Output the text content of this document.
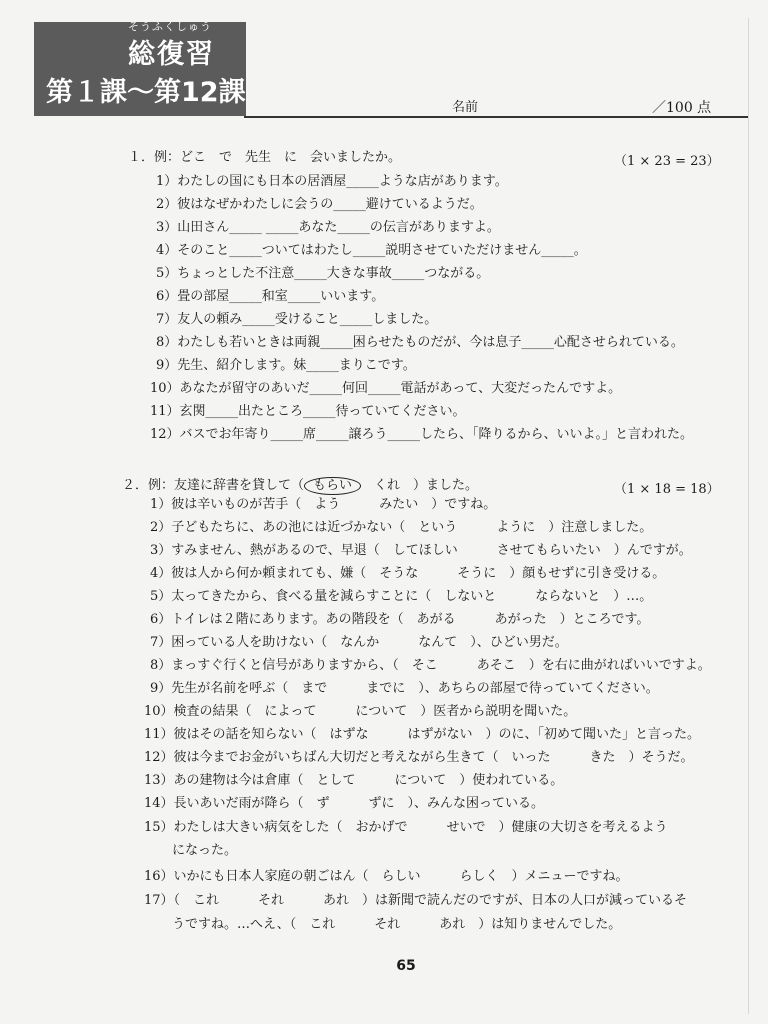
そうふくしゅう
総復習
第１課〜第12課	名前	／100 点
１．例：どこ　で　先生　に　会いましたか。	（1 × 23 = 23）
1）わたしの国にも日本の居酒屋_____ような店があります。
2）彼はなぜかわたしに会うの_____避けているようだ。
3）山田さん_____ _____あなた_____の伝言がありますよ。
4）そのこと_____ついてはわたし_____説明させていただけません_____。
5）ちょっとした不注意_____大きな事故_____つながる。
6）畳の部屋_____和室_____いいます。
7）友人の頼み_____受けること_____しました。
8）わたしも若いときは両親_____困らせたものだが、今は息子_____心配させられている。
9）先生、紹介します。妹_____まりこです。
10）あなたが留守のあいだ_____何回_____電話があって、大変だったんですよ。
11）玄関_____出たところ_____待っていてください。
12）バスでお年寄り_____席_____譲ろう_____したら、「降りるから、いいよ。」と言われた。
２．例：友達に辞書を貸して（ もらい　くれ　）ました。	（1 × 18 = 18）
1）彼は辛いものが苦手（　よう　　　みたい　）ですね。
2）子どもたちに、あの池には近づかない（　という　　　ように　）注意しました。
3）すみません、熱があるので、早退（　してほしい　　　させてもらいたい　）んですが。
4）彼は人から何か頼まれても、嫌（　そうな　　　そうに　）顔もせずに引き受ける。
5）太ってきたから、食べる量を減らすことに（　しないと　　　ならないと　）…。
6）トイレは２階にあります。あの階段を（　あがる　　　あがった　）ところです。
7）困っている人を助けない（　なんか　　　なんて　）、ひどい男だ。
8）まっすぐ行くと信号がありますから、（　そこ　　　あそこ　）を右に曲がればいいですよ。
9）先生が名前を呼ぶ（　まで　　　までに　）、あちらの部屋で待っていてください。
10）検査の結果（　によって　　　について　）医者から説明を聞いた。
11）彼はその話を知らない（　はずな　　　はずがない　）のに、「初めて聞いた」と言った。
12）彼は今までお金がいちばん大切だと考えながら生きて（　いった　　　きた　）そうだ。
13）あの建物は今は倉庫（　として　　　について　）使われている。
14）長いあいだ雨が降ら（　ず　　　ずに　）、みんな困っている。
15）わたしは大きい病気をした（　おかげで　　　せいで　）健康の大切さを考えるよう
になった。
16）いかにも日本人家庭の朝ごはん（　らしい　　　らしく　）メニューですね。
17）（　これ　　　それ　　　あれ　）は新聞で読んだのですが、日本の人口が減っているそ
うですね。…へえ、（　これ　　　それ　　　あれ　）は知りませんでした。
65
